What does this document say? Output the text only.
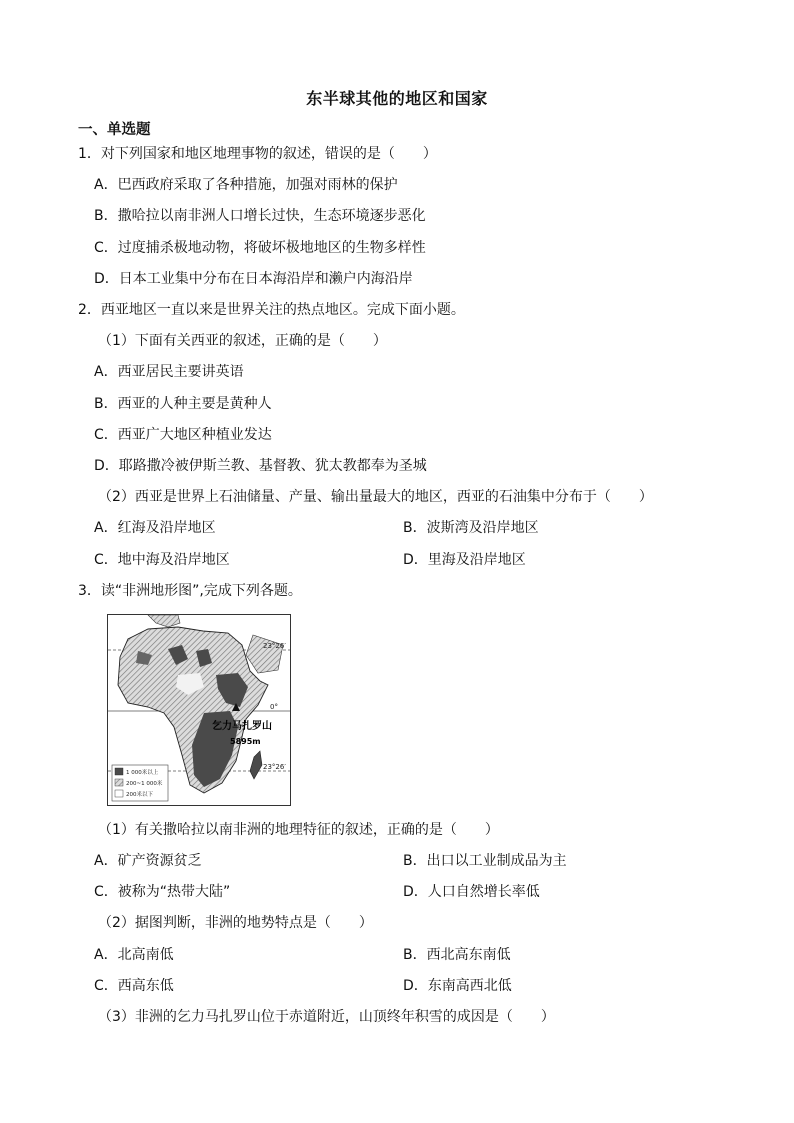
东半球其他的地区和国家
一、单选题
1．对下列国家和地区地理事物的叙述，错误的是（　　）
A．巴西政府采取了各种措施，加强对雨林的保护
B．撒哈拉以南非洲人口增长过快，生态环境逐步恶化
C．过度捕杀极地动物，将破坏极地地区的生物多样性
D．日本工业集中分布在日本海沿岸和濑户内海沿岸
2．西亚地区一直以来是世界关注的热点地区。完成下面小题。
（1）下面有关西亚的叙述，正确的是（　　）
A．西亚居民主要讲英语
B．西亚的人种主要是黄种人
C．西亚广大地区种植业发达
D．耶路撒冷被伊斯兰教、基督教、犹太教都奉为圣城
（2）西亚是世界上石油储量、产量、输出量最大的地区，西亚的石油集中分布于（　　）
A．红海及沿岸地区	B．波斯湾及沿岸地区
C．地中海及沿岸地区	D．里海及沿岸地区
3．读“非洲地形图”,完成下列各题。
23°26′
0°
23°26′
乞力马扎罗山
5895m
1 000米以上
200~1 000米
200米以下
（1）有关撒哈拉以南非洲的地理特征的叙述，正确的是（　　）
A．矿产资源贫乏	B．出口以工业制成品为主
C．被称为“热带大陆”	D．人口自然增长率低
（2）据图判断，非洲的地势特点是（　　）
A．北高南低	B．西北高东南低
C．西高东低	D．东南高西北低
（3）非洲的乞力马扎罗山位于赤道附近，山顶终年积雪的成因是（　　）
